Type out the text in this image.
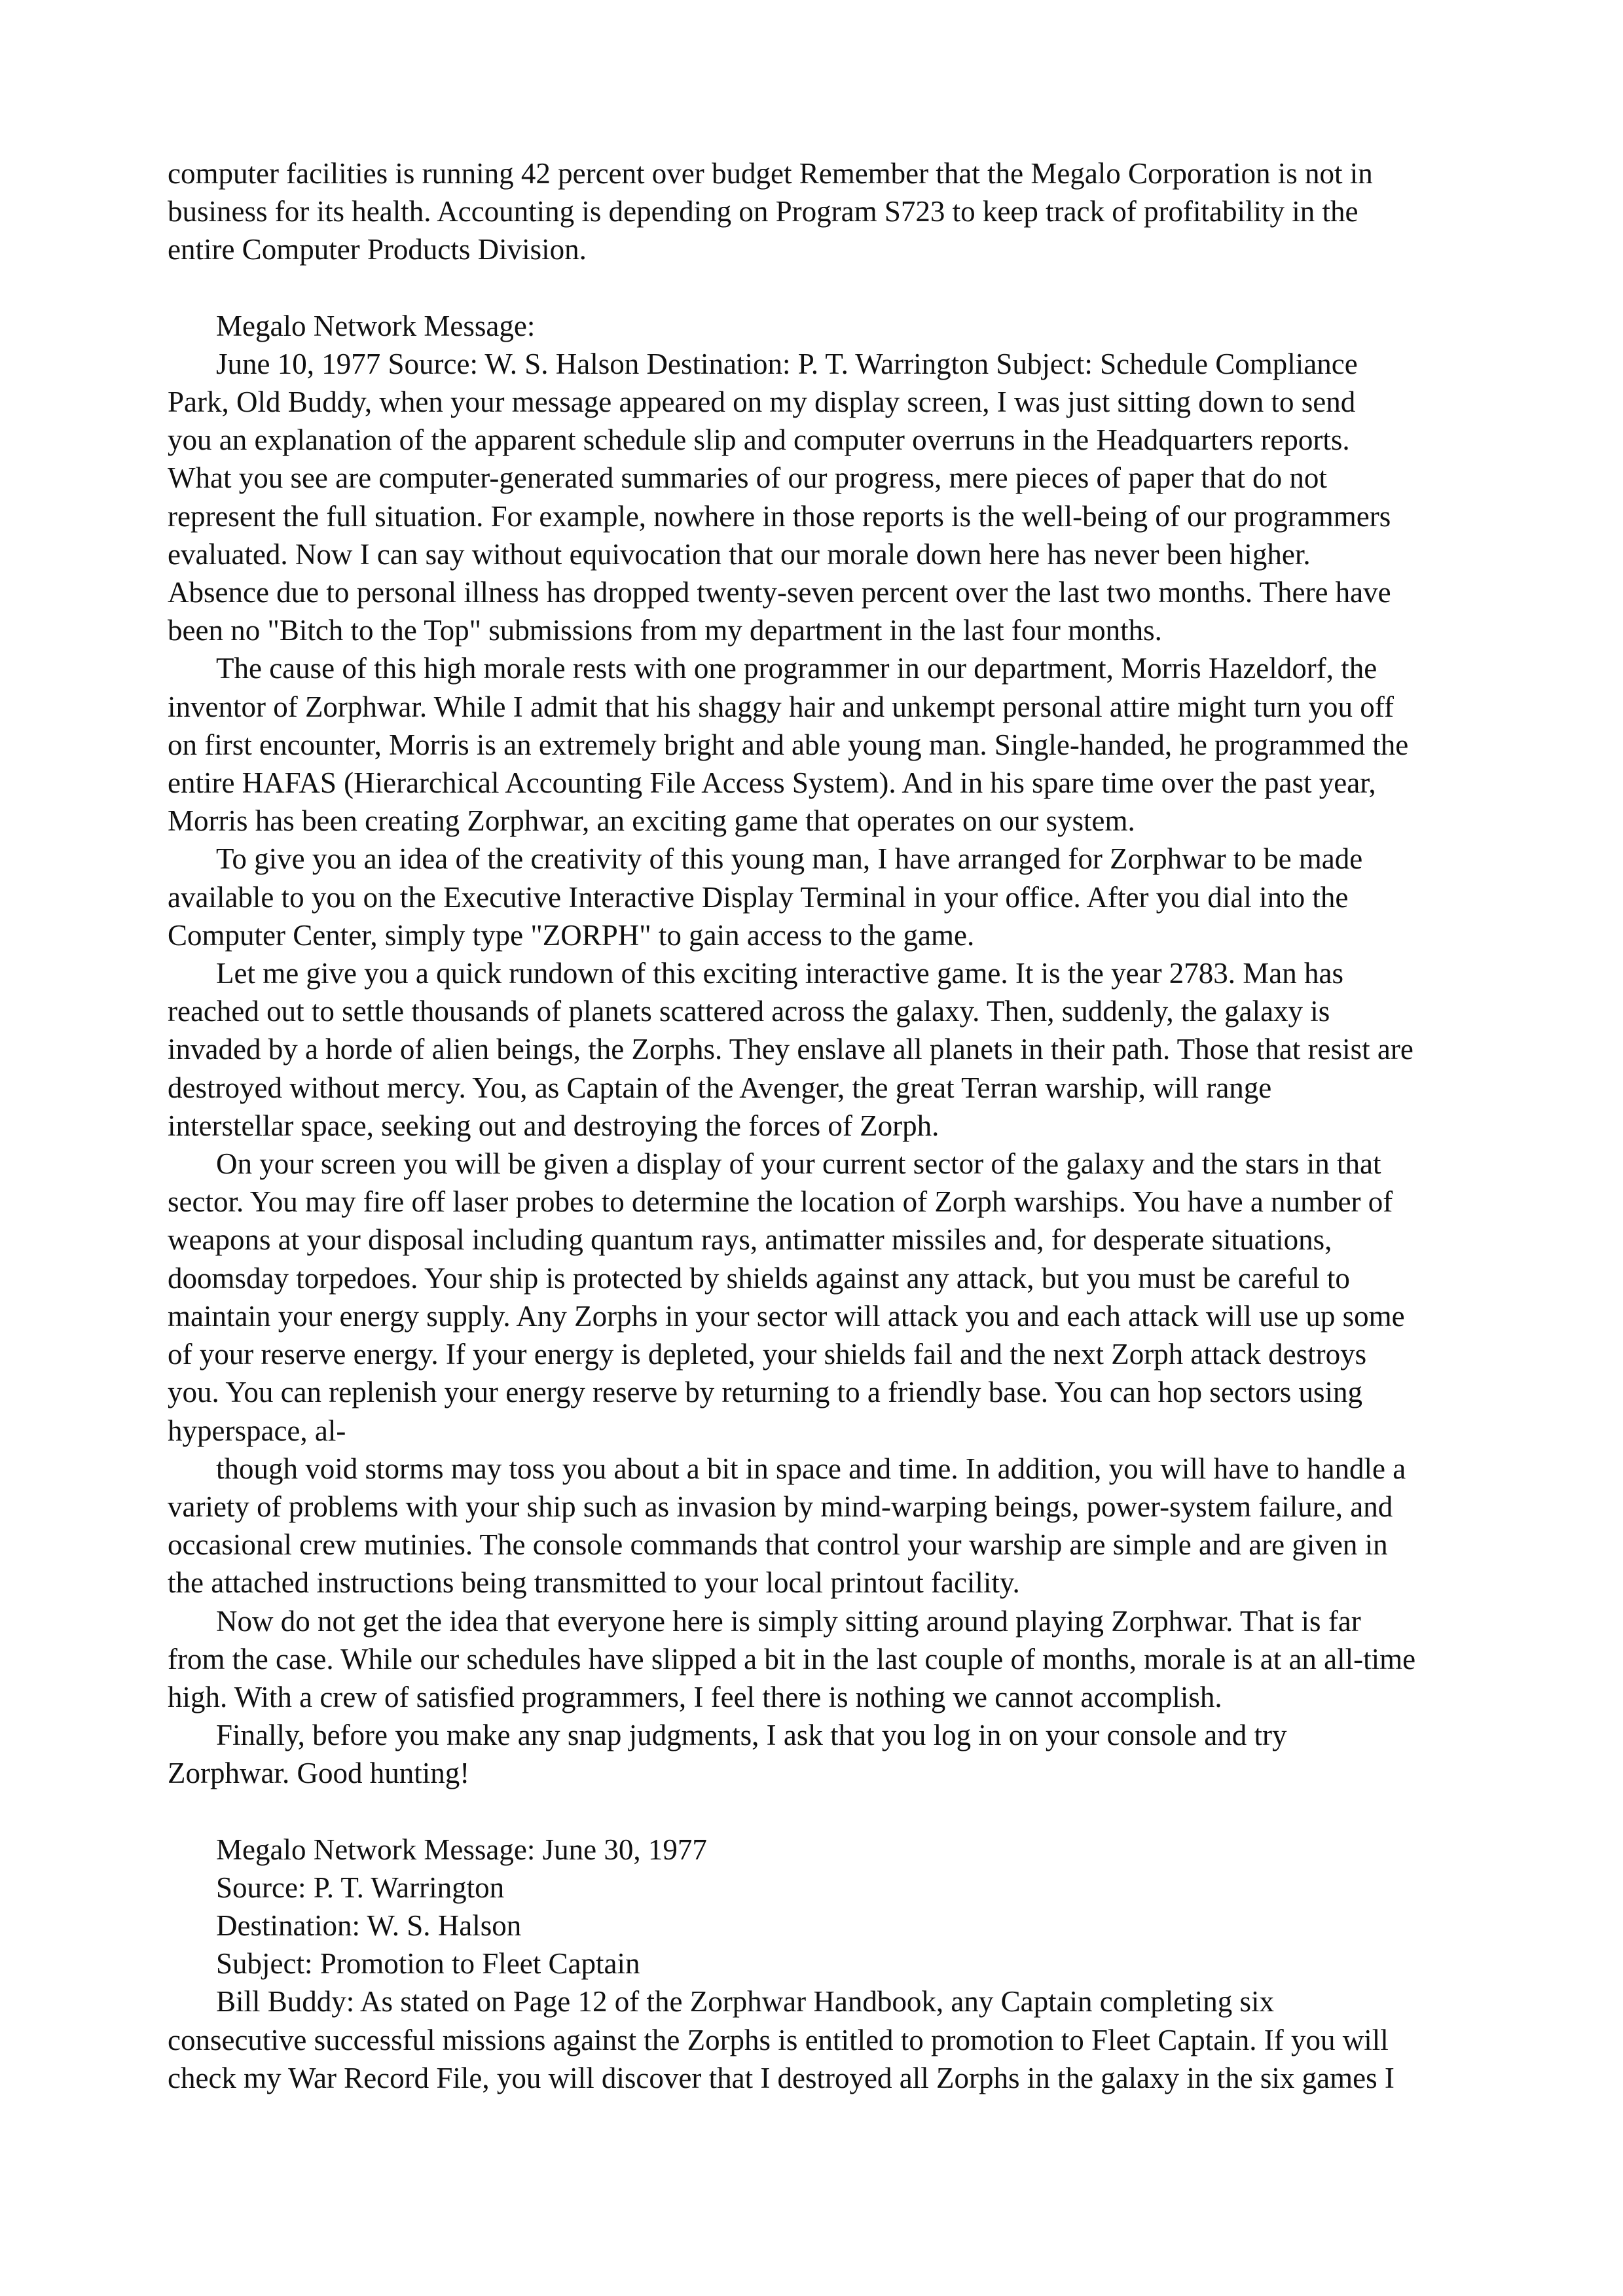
computer facilities is running 42 percent over budget Remember that the Megalo Corporation is not in
business for its health. Accounting is depending on Program S723 to keep track of profitability in the
entire Computer Products Division.
Megalo Network Message:
June 10, 1977 Source: W. S. Halson Destination: P. T. Warrington Subject: Schedule Compliance
Park, Old Buddy, when your message appeared on my display screen, I was just sitting down to send
you an explanation of the apparent schedule slip and computer overruns in the Headquarters reports.
What you see are computer-generated summaries of our progress, mere pieces of paper that do not
represent the full situation. For example, nowhere in those reports is the well-being of our programmers
evaluated. Now I can say without equivocation that our morale down here has never been higher.
Absence due to personal illness has dropped twenty-seven percent over the last two months. There have
been no "Bitch to the Top" submissions from my department in the last four months.
The cause of this high morale rests with one programmer in our department, Morris Hazeldorf, the
inventor of Zorphwar. While I admit that his shaggy hair and unkempt personal attire might turn you off
on first encounter, Morris is an extremely bright and able young man. Single-handed, he programmed the
entire HAFAS (Hierarchical Accounting File Access System). And in his spare time over the past year,
Morris has been creating Zorphwar, an exciting game that operates on our system.
To give you an idea of the creativity of this young man, I have arranged for Zorphwar to be made
available to you on the Executive Interactive Display Terminal in your office. After you dial into the
Computer Center, simply type "ZORPH" to gain access to the game.
Let me give you a quick rundown of this exciting interactive game. It is the year 2783. Man has
reached out to settle thousands of planets scattered across the galaxy. Then, suddenly, the galaxy is
invaded by a horde of alien beings, the Zorphs. They enslave all planets in their path. Those that resist are
destroyed without mercy. You, as Captain of the Avenger, the great Terran warship, will range
interstellar space, seeking out and destroying the forces of Zorph.
On your screen you will be given a display of your current sector of the galaxy and the stars in that
sector. You may fire off laser probes to determine the location of Zorph warships. You have a number of
weapons at your disposal including quantum rays, antimatter missiles and, for desperate situations,
doomsday torpedoes. Your ship is protected by shields against any attack, but you must be careful to
maintain your energy supply. Any Zorphs in your sector will attack you and each attack will use up some
of your reserve energy. If your energy is depleted, your shields fail and the next Zorph attack destroys
you. You can replenish your energy reserve by returning to a friendly base. You can hop sectors using
hyperspace, al-
though void storms may toss you about a bit in space and time. In addition, you will have to handle a
variety of problems with your ship such as invasion by mind-warping beings, power-system failure, and
occasional crew mutinies. The console commands that control your warship are simple and are given in
the attached instructions being transmitted to your local printout facility.
Now do not get the idea that everyone here is simply sitting around playing Zorphwar. That is far
from the case. While our schedules have slipped a bit in the last couple of months, morale is at an all-time
high. With a crew of satisfied programmers, I feel there is nothing we cannot accomplish.
Finally, before you make any snap judgments, I ask that you log in on your console and try
Zorphwar. Good hunting!
Megalo Network Message: June 30, 1977
Source: P. T. Warrington
Destination: W. S. Halson
Subject: Promotion to Fleet Captain
Bill Buddy: As stated on Page 12 of the Zorphwar Handbook, any Captain completing six
consecutive successful missions against the Zorphs is entitled to promotion to Fleet Captain. If you will
check my War Record File, you will discover that I destroyed all Zorphs in the galaxy in the six games I
